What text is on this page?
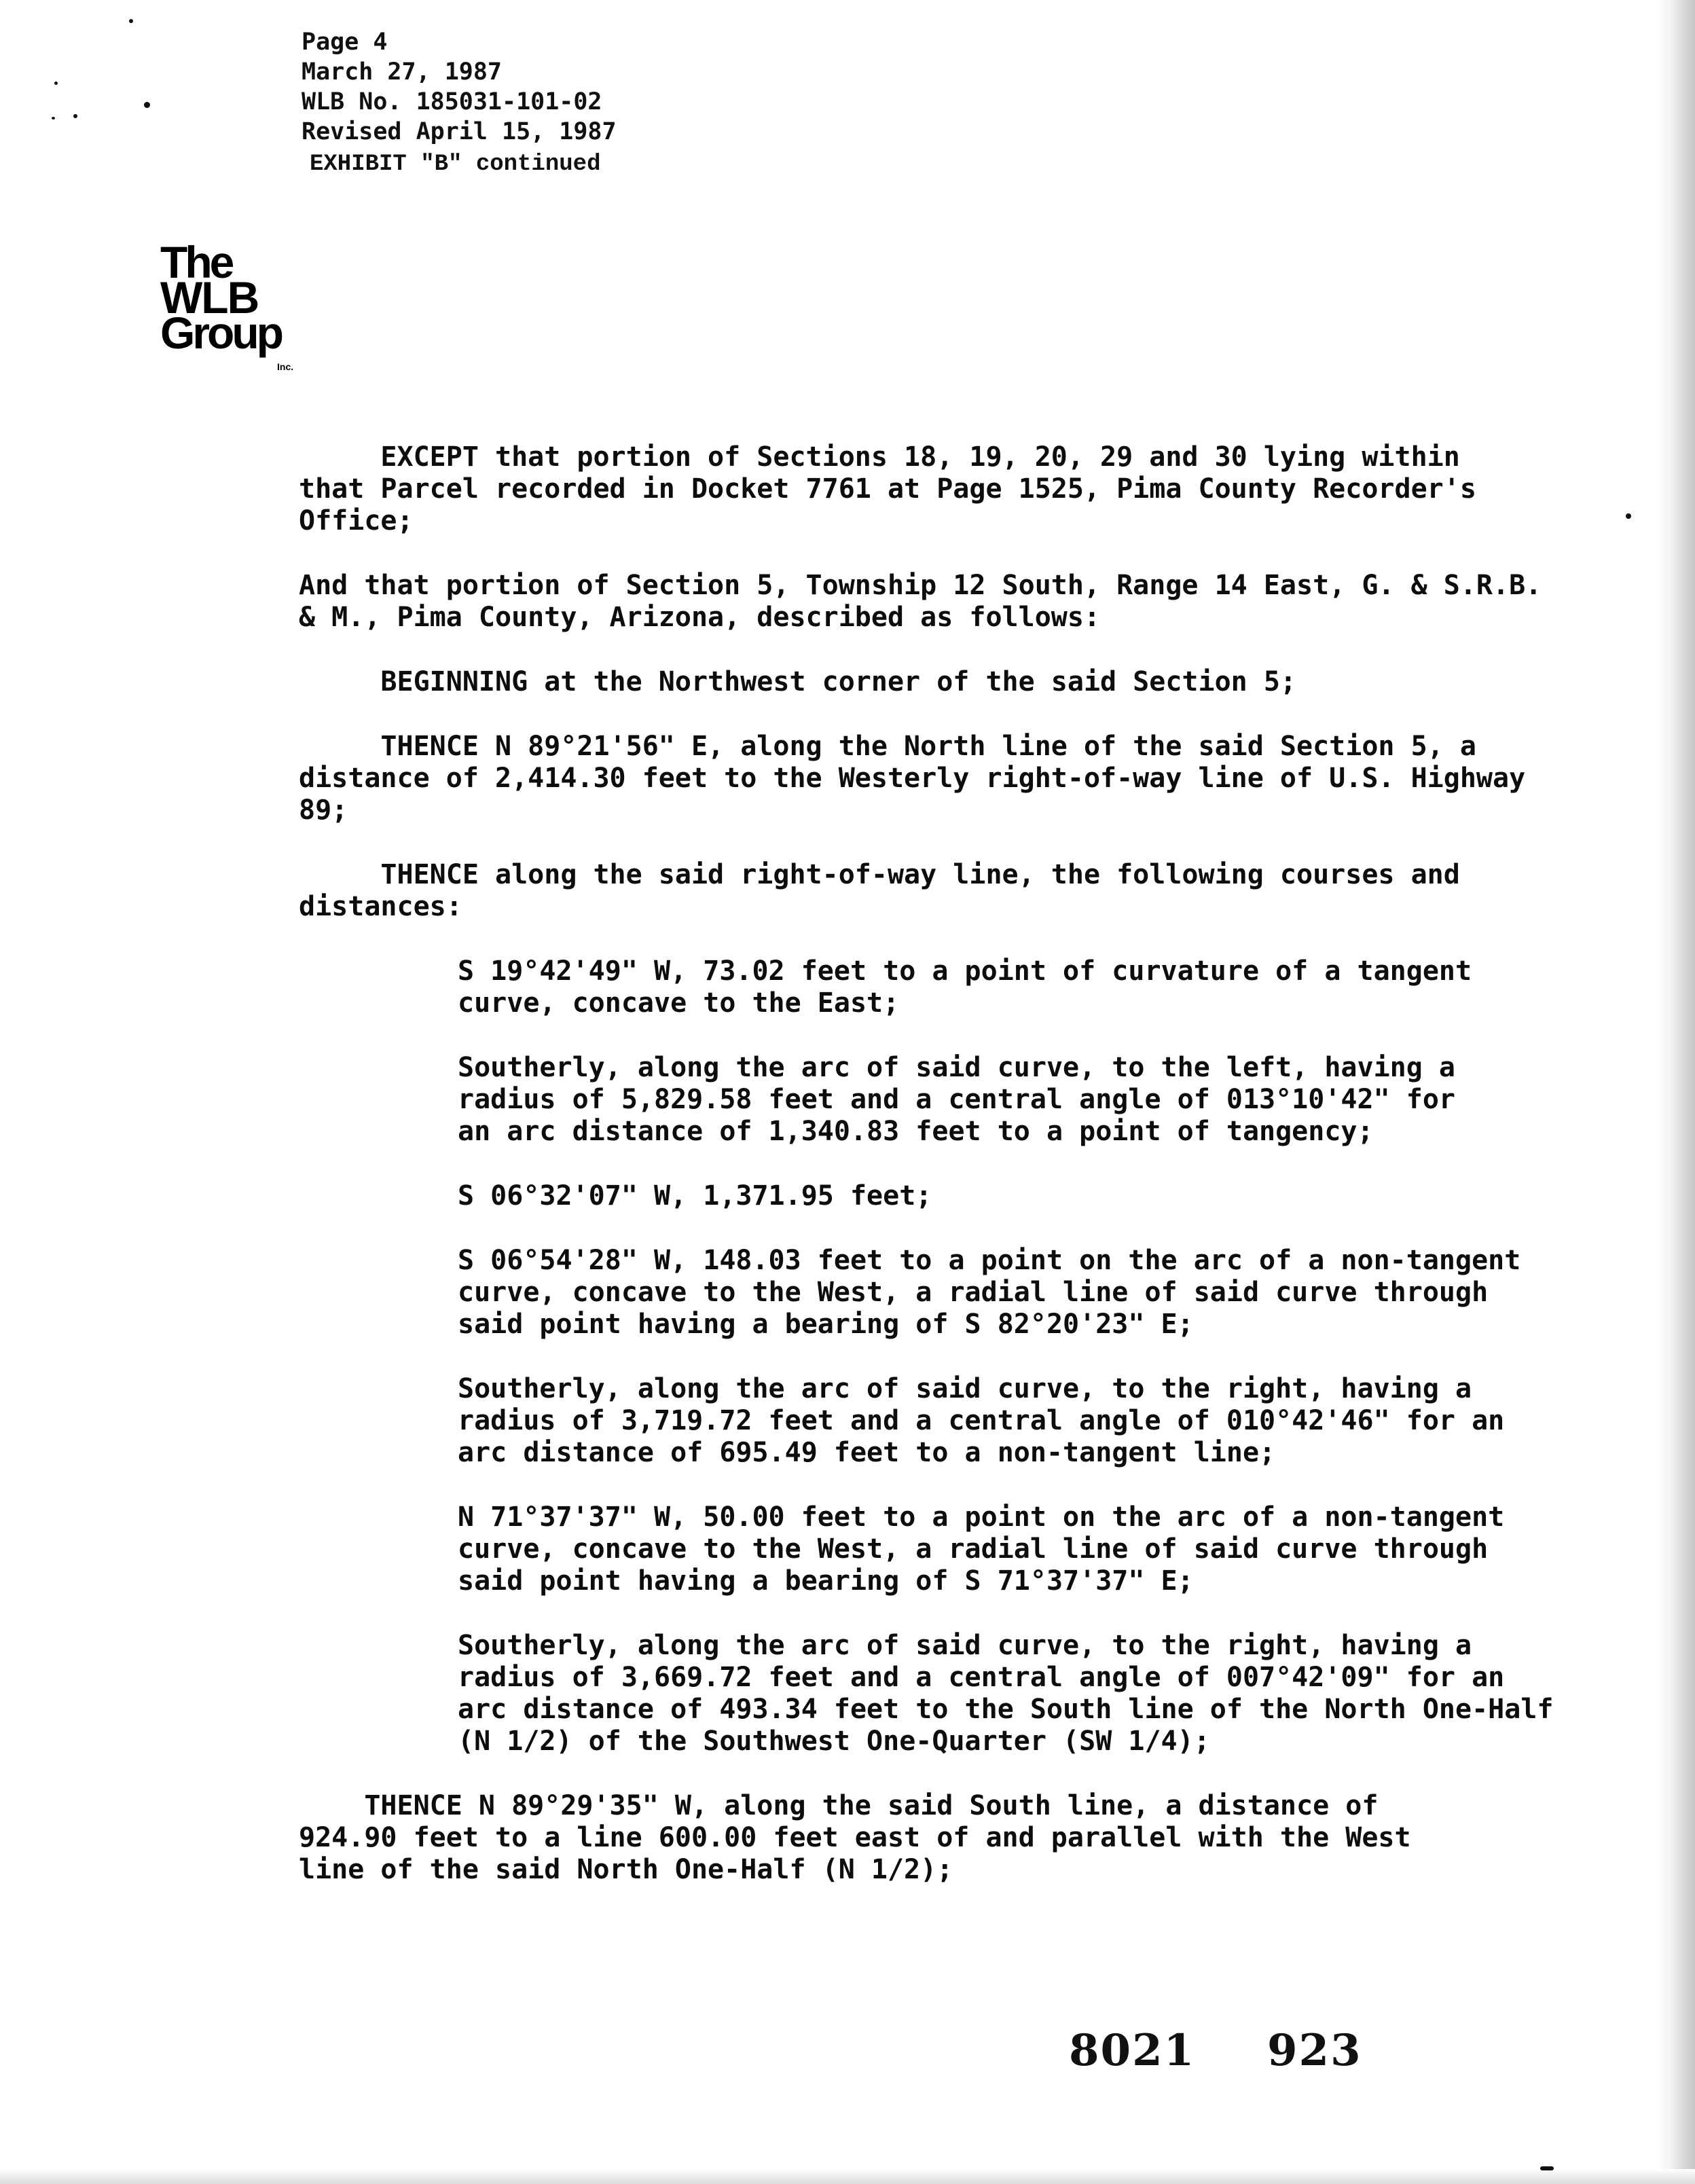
Page 4
March 27, 1987
WLB No. 185031-101-02
Revised April 15, 1987
EXHIBIT "B" continued
The
WLB
Group
Inc.

EXCEPT that portion of Sections 18, 19, 20, 29 and 30 lying within
that Parcel recorded in Docket 7761 at Page 1525, Pima County Recorder's
Office;

And that portion of Section 5, Township 12 South, Range 14 East, G. & S.R.B.
& M., Pima County, Arizona, described as follows:

BEGINNING at the Northwest corner of the said Section 5;

THENCE N 89°21'56" E, along the North line of the said Section 5, a
distance of 2,414.30 feet to the Westerly right-of-way line of U.S. Highway
89;

THENCE along the said right-of-way line, the following courses and
distances:

S 19°42'49" W, 73.02 feet to a point of curvature of a tangent
curve, concave to the East;

Southerly, along the arc of said curve, to the left, having a
radius of 5,829.58 feet and a central angle of 013°10'42" for
an arc distance of 1,340.83 feet to a point of tangency;

S 06°32'07" W, 1,371.95 feet;

S 06°54'28" W, 148.03 feet to a point on the arc of a non-tangent
curve, concave to the West, a radial line of said curve through
said point having a bearing of S 82°20'23" E;

Southerly, along the arc of said curve, to the right, having a
radius of 3,719.72 feet and a central angle of 010°42'46" for an
arc distance of 695.49 feet to a non-tangent line;

N 71°37'37" W, 50.00 feet to a point on the arc of a non-tangent
curve, concave to the West, a radial line of said curve through
said point having a bearing of S 71°37'37" E;

Southerly, along the arc of said curve, to the right, having a
radius of 3,669.72 feet and a central angle of 007°42'09" for an
arc distance of 493.34 feet to the South line of the North One-Half
(N 1/2) of the Southwest One-Quarter (SW 1/4);

THENCE N 89°29'35" W, along the said South line, a distance of
924.90 feet to a line 600.00 feet east of and parallel with the West
line of the said North One-Half (N 1/2);

8021 923
